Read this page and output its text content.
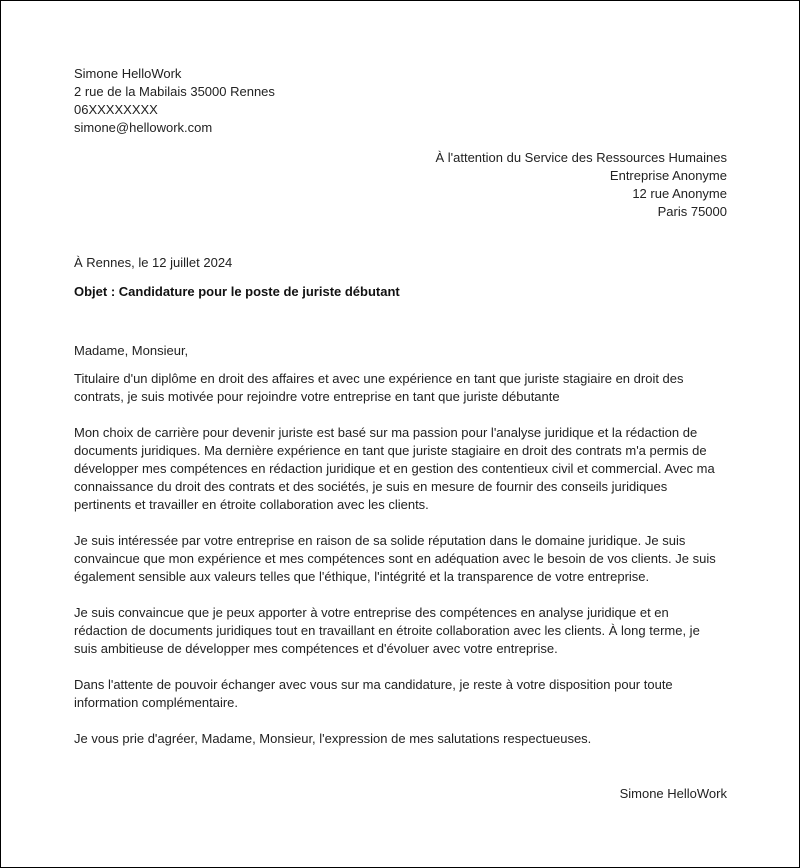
Simone HelloWork
2 rue de la Mabilais 35000 Rennes
06XXXXXXXX
simone@hellowork.com
À l'attention du Service des Ressources Humaines
Entreprise Anonyme
12 rue Anonyme
Paris 75000
À Rennes, le 12 juillet 2024
Objet : Candidature pour le poste de juriste débutant

Madame, Monsieur,

Titulaire d'un diplôme en droit des affaires et avec une expérience en tant que juriste stagiaire en droit des contrats, je suis motivée pour rejoindre votre entreprise en tant que juriste débutante

Mon choix de carrière pour devenir juriste est basé sur ma passion pour l'analyse juridique et la rédaction de documents juridiques. Ma dernière expérience en tant que juriste stagiaire en droit des contrats m'a permis de développer mes compétences en rédaction juridique et en gestion des contentieux civil et commercial. Avec ma connaissance du droit des contrats et des sociétés, je suis en mesure de fournir des conseils juridiques pertinents et travailler en étroite collaboration avec les clients.

Je suis intéressée par votre entreprise en raison de sa solide réputation dans le domaine juridique. Je suis convaincue que mon expérience et mes compétences sont en adéquation avec le besoin de vos clients. Je suis également sensible aux valeurs telles que l'éthique, l'intégrité et la transparence de votre entreprise.

Je suis convaincue que je peux apporter à votre entreprise des compétences en analyse juridique et en rédaction de documents juridiques tout en travaillant en étroite collaboration avec les clients. À long terme, je suis ambitieuse de développer mes compétences et d'évoluer avec votre entreprise.

Dans l'attente de pouvoir échanger avec vous sur ma candidature, je reste à votre disposition pour toute information complémentaire.

Je vous prie d'agréer, Madame, Monsieur, l'expression de mes salutations respectueuses.

Simone HelloWork
